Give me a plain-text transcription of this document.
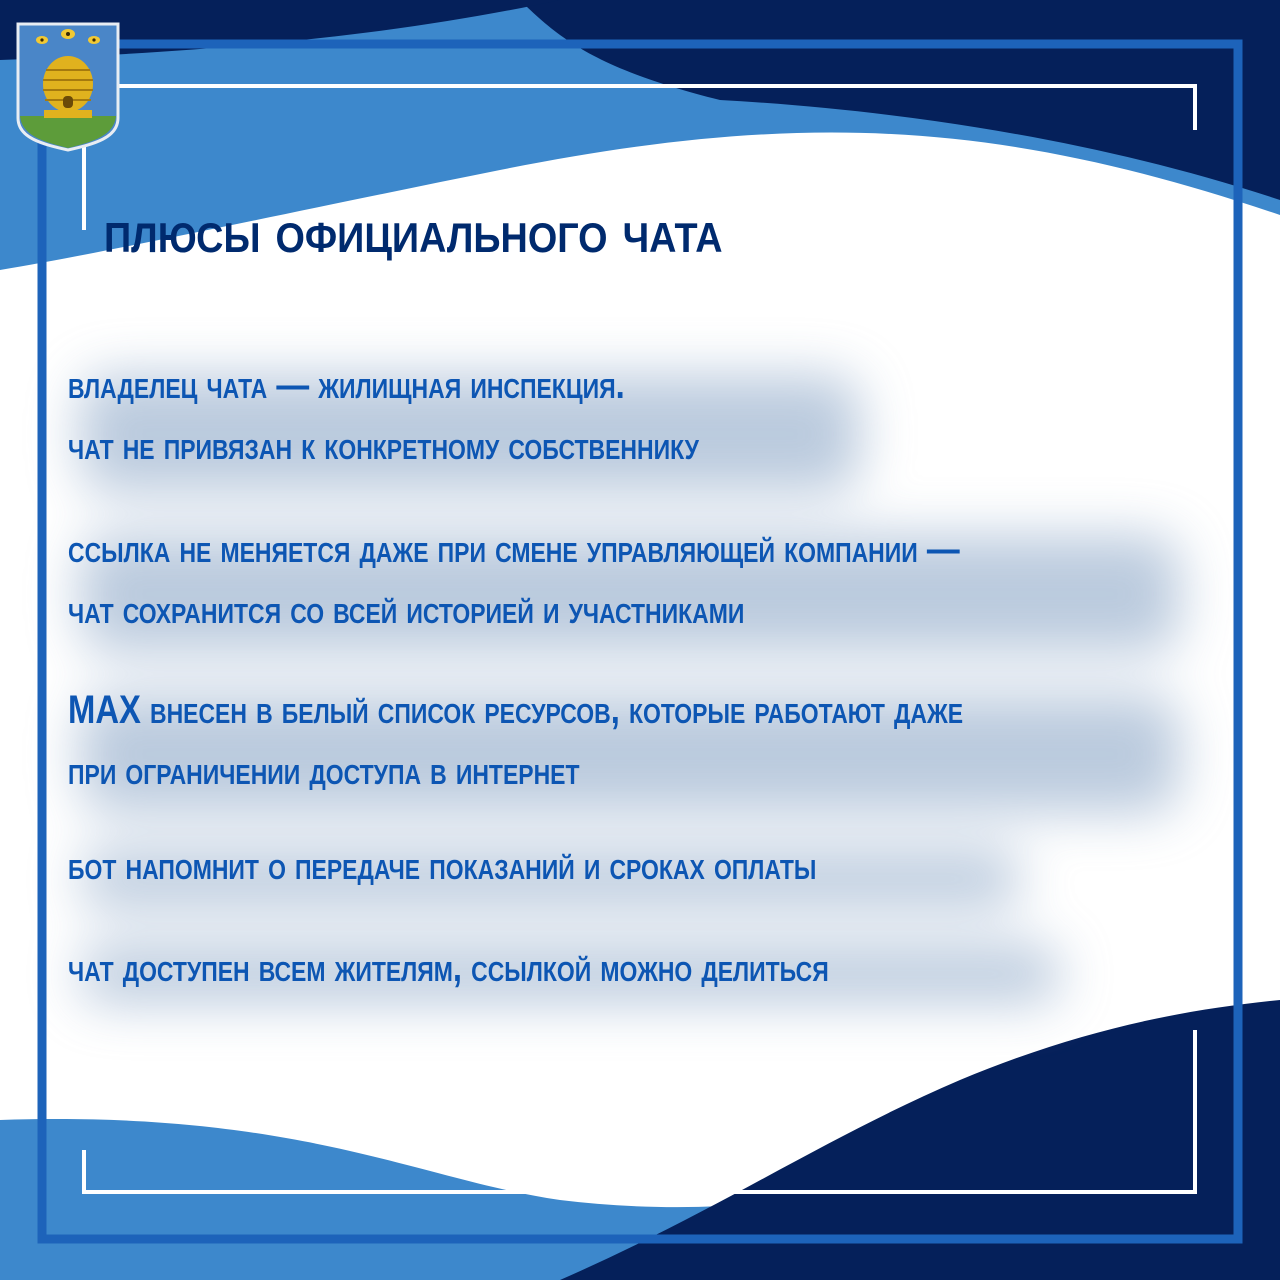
плюсы официального чата

владелец чата — жилищная инспекция.
чат не привязан к конкретному собственнику

ссылка не меняется даже при смене управляющей компании —
чат сохранится со всей историей и участниками

MAX внесен в белый список ресурсов, которые работают даже
при ограничении доступа в интернет

бот напомнит о передаче показаний и сроках оплаты

чат доступен всем жителям, ссылкой можно делиться
